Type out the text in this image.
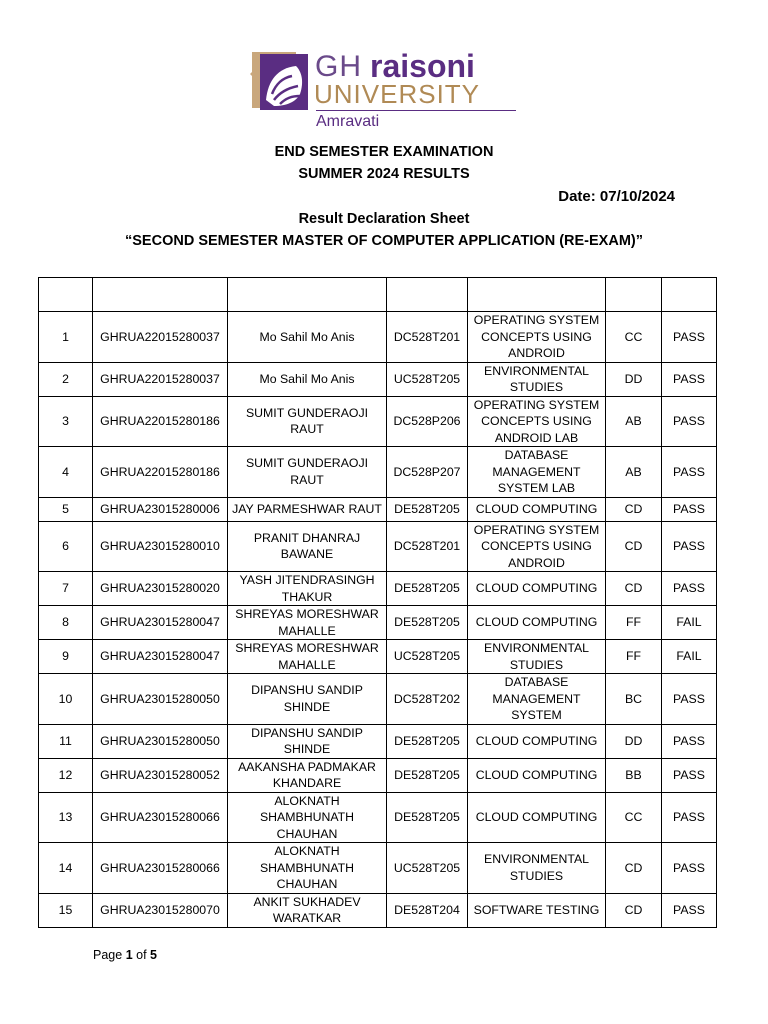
GH raisoni
UNIVERSITY
Amravati
END SEMESTER EXAMINATION
SUMMER 2024 RESULTS
Date: 07/10/2024
Result Declaration Sheet
“SECOND SEMESTER MASTER OF COMPUTER APPLICATION (RE-EXAM)”

1	GHRUA22015280037	Mo Sahil Mo Anis	DC528T201	OPERATING SYSTEM CONCEPTS USING ANDROID	CC	PASS
2	GHRUA22015280037	Mo Sahil Mo Anis	UC528T205	ENVIRONMENTAL STUDIES	DD	PASS
3	GHRUA22015280186	SUMIT GUNDERAOJI RAUT	DC528P206	OPERATING SYSTEM CONCEPTS USING ANDROID LAB	AB	PASS
4	GHRUA22015280186	SUMIT GUNDERAOJI RAUT	DC528P207	DATABASE MANAGEMENT SYSTEM LAB	AB	PASS
5	GHRUA23015280006	JAY PARMESHWAR RAUT	DE528T205	CLOUD COMPUTING	CD	PASS
6	GHRUA23015280010	PRANIT DHANRAJ BAWANE	DC528T201	OPERATING SYSTEM CONCEPTS USING ANDROID	CD	PASS
7	GHRUA23015280020	YASH JITENDRASINGH THAKUR	DE528T205	CLOUD COMPUTING	CD	PASS
8	GHRUA23015280047	SHREYAS MORESHWAR MAHALLE	DE528T205	CLOUD COMPUTING	FF	FAIL
9	GHRUA23015280047	SHREYAS MORESHWAR MAHALLE	UC528T205	ENVIRONMENTAL STUDIES	FF	FAIL
10	GHRUA23015280050	DIPANSHU SANDIP SHINDE	DC528T202	DATABASE MANAGEMENT SYSTEM	BC	PASS
11	GHRUA23015280050	DIPANSHU SANDIP SHINDE	DE528T205	CLOUD COMPUTING	DD	PASS
12	GHRUA23015280052	AAKANSHA PADMAKAR KHANDARE	DE528T205	CLOUD COMPUTING	BB	PASS
13	GHRUA23015280066	ALOKNATH SHAMBHUNATH CHAUHAN	DE528T205	CLOUD COMPUTING	CC	PASS
14	GHRUA23015280066	ALOKNATH SHAMBHUNATH CHAUHAN	UC528T205	ENVIRONMENTAL STUDIES	CD	PASS
15	GHRUA23015280070	ANKIT SUKHADEV WARATKAR	DE528T204	SOFTWARE TESTING	CD	PASS
Page 1 of 5
